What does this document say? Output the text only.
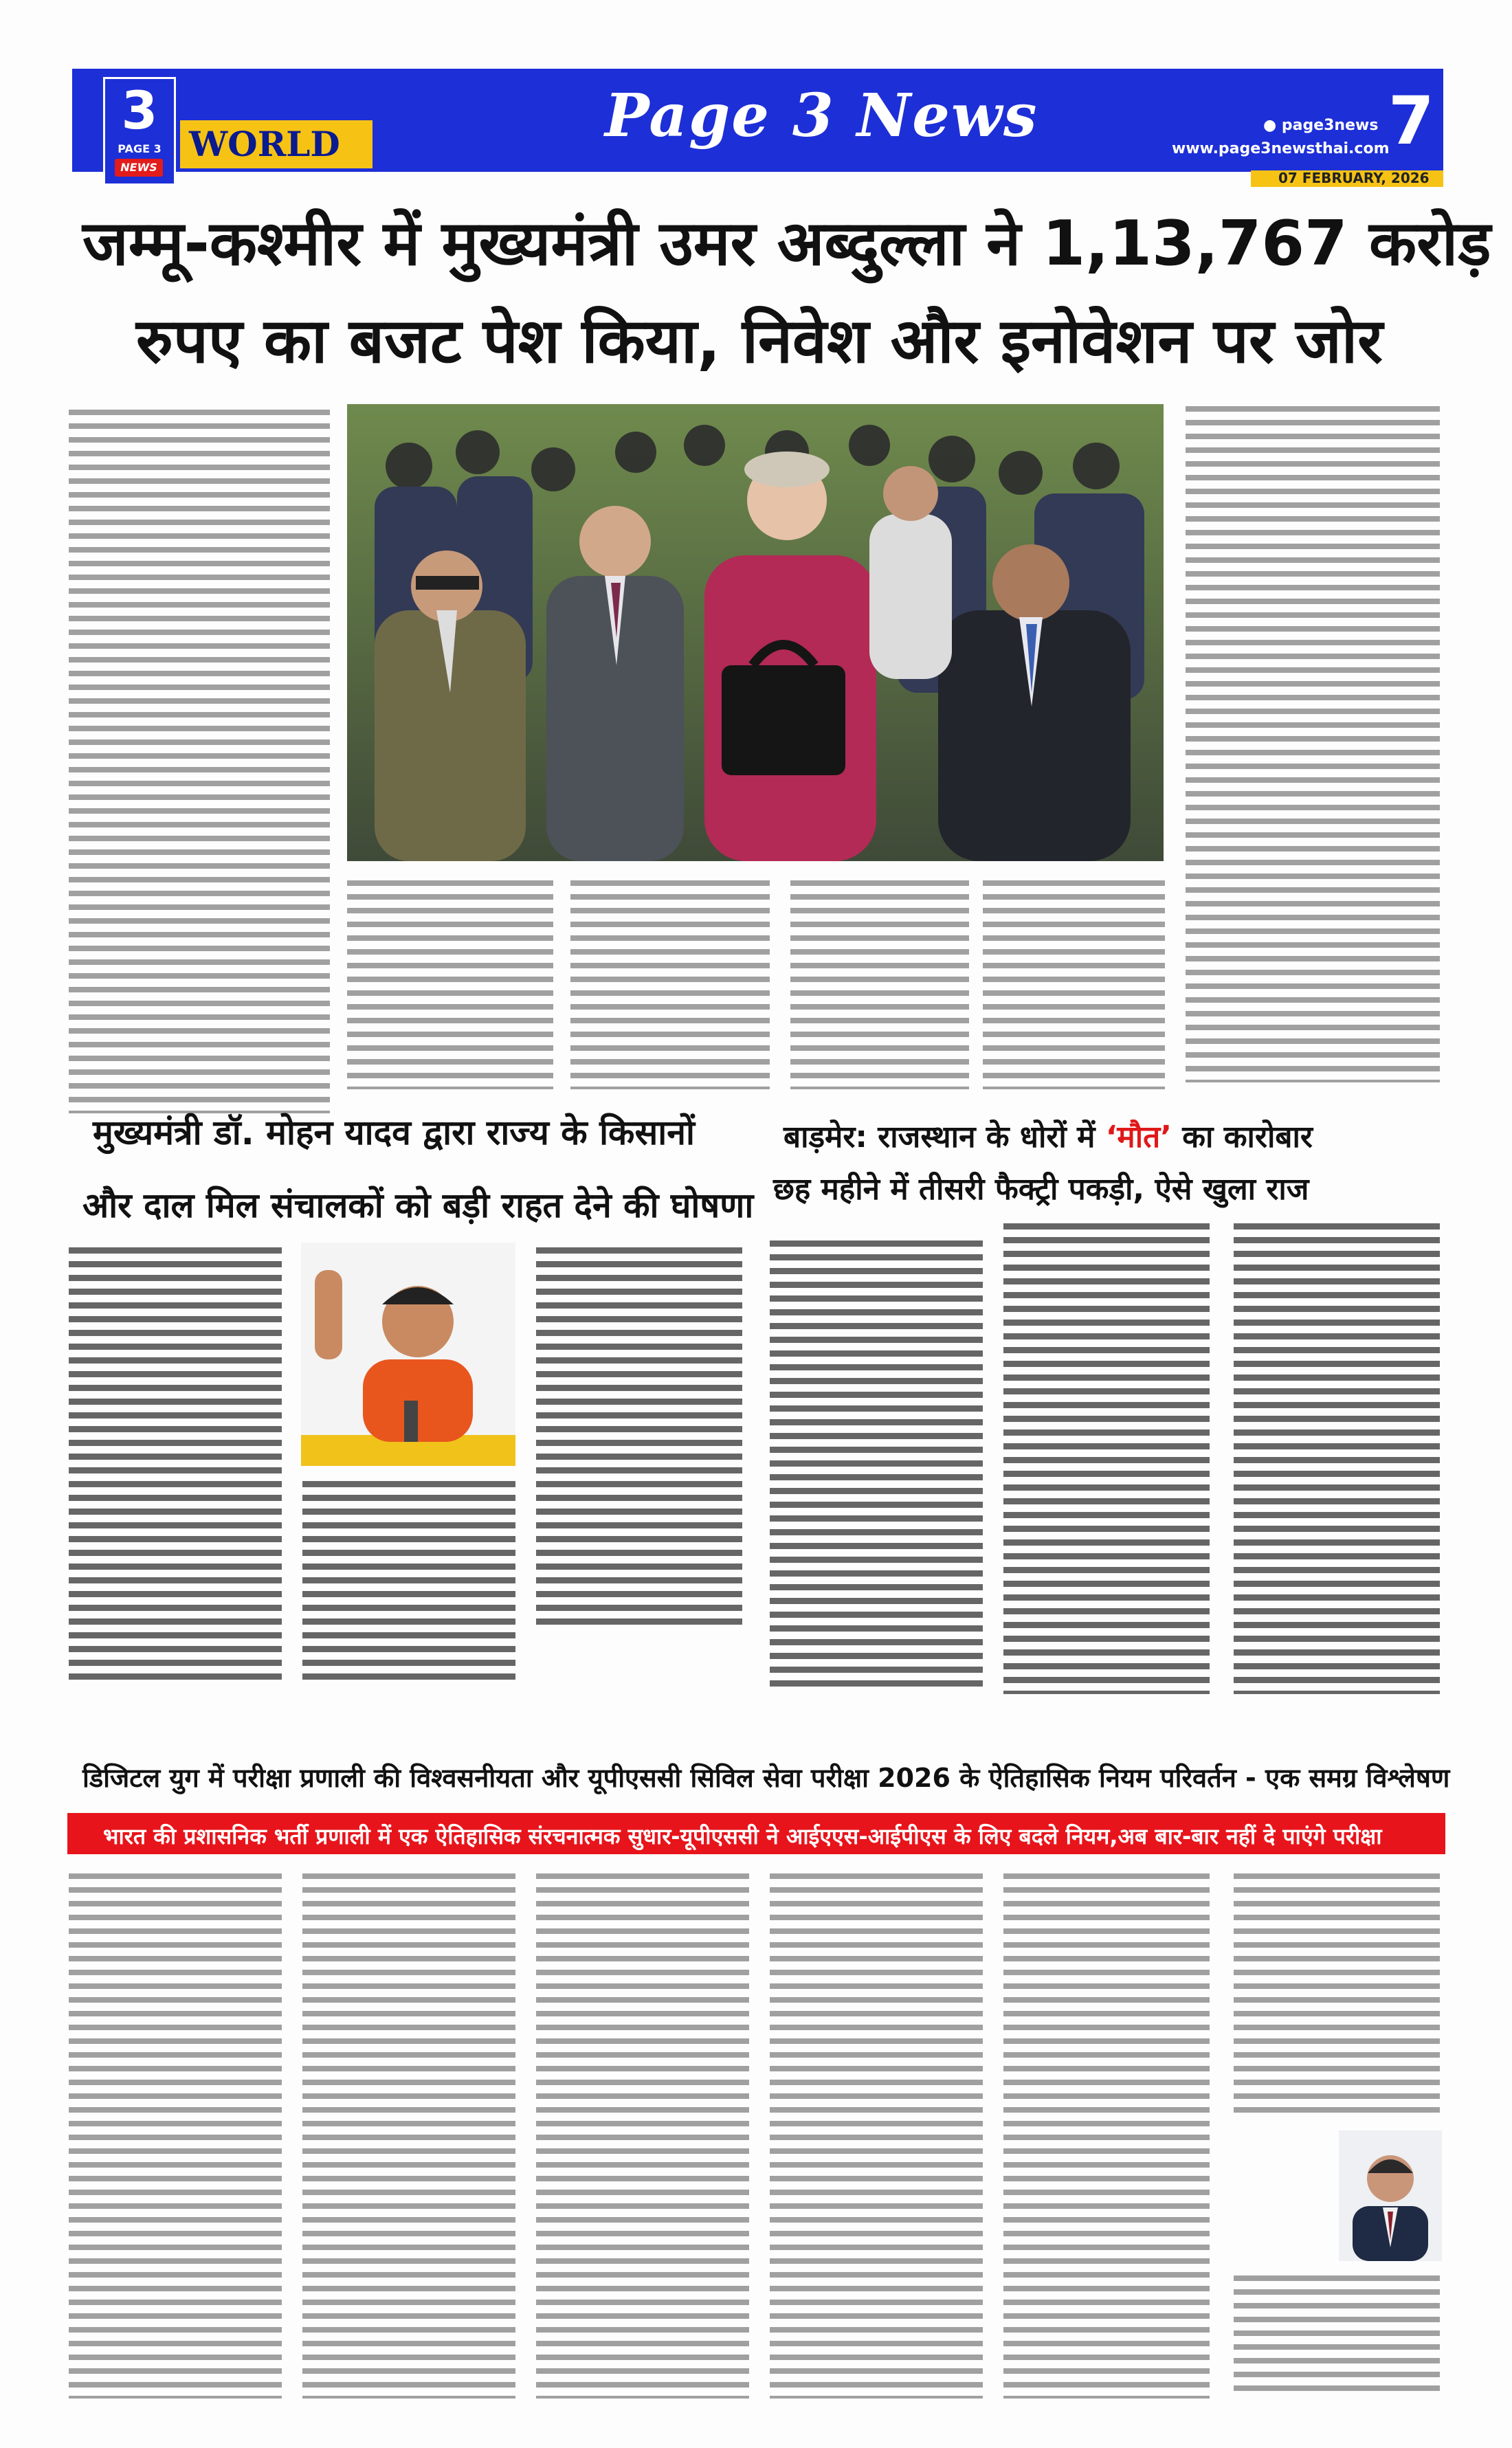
3
PAGE 3
NEWS
WORLD	Page 3 News	● page3news
www.page3newsthai.com
7
07 FEBRUARY, 2026
जम्मू-कश्मीर में मुख्यमंत्री उमर अब्दुल्ला ने 1,13,767 करोड़
रुपए का बजट पेश किया, निवेश और इनोवेशन पर जोर
मुख्यमंत्री डॉ. मोहन यादव द्वारा राज्य के किसानों
और दाल मिल संचालकों को बड़ी राहत देने की घोषणा
बाड़मेर: राजस्थान के धोरों में ‘मौत’ का कारोबार
छह महीने में तीसरी फैक्ट्री पकड़ी, ऐसे खुला राज
डिजिटल युग में परीक्षा प्रणाली की विश्वसनीयता और यूपीएससी सिविल सेवा परीक्षा 2026 के ऐतिहासिक नियम परिवर्तन - एक समग्र विश्लेषण
भारत की प्रशासनिक भर्ती प्रणाली में एक ऐतिहासिक संरचनात्मक सुधार-यूपीएससी ने आईएएस-आईपीएस के लिए बदले नियम,अब बार-बार नहीं दे पाएंगे परीक्षा
